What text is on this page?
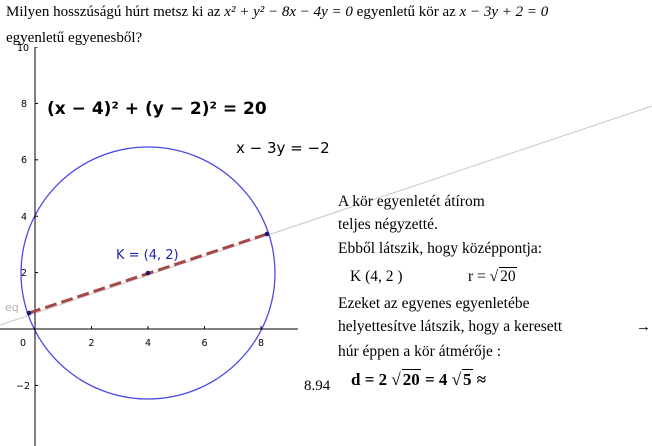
Milyen hosszúságú húrt metsz ki az x² + y² − 8x − 4y = 0 egyenletű kör az x − 3y + 2 = 0
egyenletű egyenesből?
0	2	4	6	8
10
8
6
4
2
−2
K = (4, 2)
x − 3y = −2
eq
(x − 4)² + (y − 2)² = 20
A kör egyenletét átírom
teljes négyzetté.
Ebből látszik, hogy középpontja:
K (4, 2 )	r = √ 20
Ezeket az egyenes egyenletébe
helyettesítve látszik, hogy a keresett	→
húr éppen a kör átmérője :
8.94 d = 2 √ 20 = 4 √ 5 ≈
